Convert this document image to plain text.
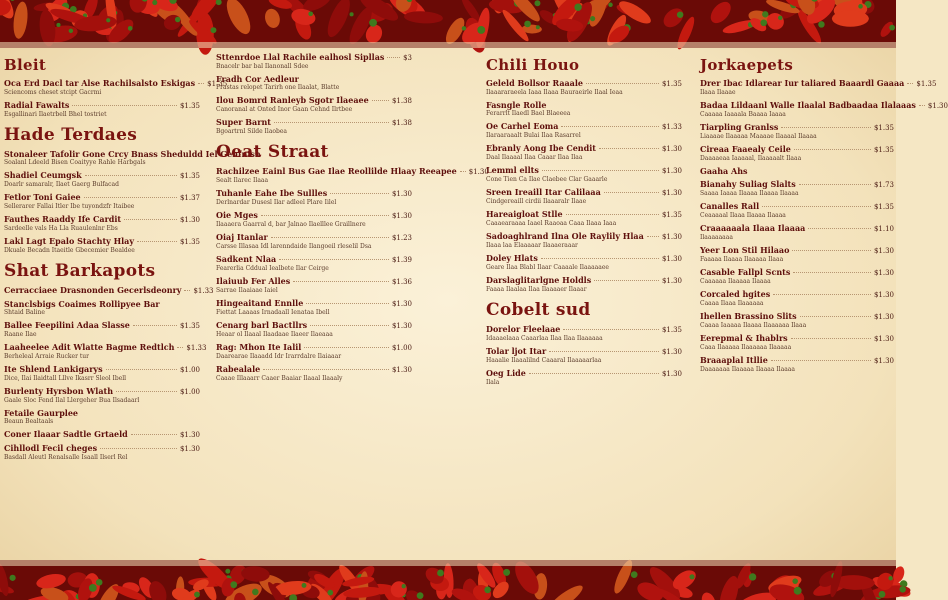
Bleit
Oca Erd Dacl tar Alse Rachilsalsto Eskigas $1.35
Sciencoms cheset stcipt Gacrmi
Radial Fawalts	$1.35
Esgallinari Ilaetrbell Bhel tostriet
Hade Terdaes
Stonaleer Tafolir Gone Crcy Bnass Sheduldd Iel Genfnish
Soalanl Ldeeld Bisen Coaityye Rahle Harbgals
Shadiel Ceumgsk	$1.35
Doarlr samaralr, Ilaet Gaerg Bulfacad
Fetlor Toni Gaiee	$1.37
Sellerarer Fallai Itler Ibe tuyondzfr Itaibee
Fauthes Raaddy Ife Cardit	$1.30
Sardeelle vals Ha Lla Ruaulenlnr Ebs
Lakl Lagt Epalo Stachty Hlay	$1.35
Dkuale Becadn Itaeitle Gbecemier Bealdee
Shat Barkapots
Cerracciaee Drasnonden Gecerlsdeonry $1.33
Stanclsbigs Coaimes Rollipyee Bar
Shtaid Baline
Ballee Feepilini Adaa Slasse	$1.35
Raane Ilae
Laaheelee Adit Wlatte Bagme Redtlch $1.33
Berheleal Arraie Rucker tur
Ite Shlend Lankigarys	$1.00
Dice, Ilai Ilaidtall Lllve Ikasrr Sleol Ibell
Burlenty Hyrsbon Wlath	$1.00
Gaale Sloc Fend Ilal Llergeher Bua Ilsadaarl
Fetaile Gaurplee
Beaun Bealtaals
Coner Ilaaar Sadtle Grtaeld	$1.30
Cihllodl Fecil cheges	$1.30
Basdall Aleutl Renalsalle Isaall Ilserl Rel
Sttenrdoe Llal Rachile ealhosl Sipllas	$3
Bnacelr bar bal Ilanonall Sdee
Fradh Cor Aedleur
Frastas relopet Tarirh one Ilaalat, Blatte
Ilou Bomrd Ranleyb Sgotr Ilaeaee	$1.38
Canoranal at Onted Inor Gaan Cehnd Ilrtbee
Super Barnt	$1.38
Bgoartrnl Silde Ilaobea
Oeat Straat
Rachilzee Eainl Bus Gae Ilae Reollilde Hlaay Reeapee $1.30
Sealt Ilarec Ilaaa
Tuhanle Eahe Ibe Sullles	$1.30
Derlnardar Dusesl Ilar adleel Plare Iilel
Oie Mges	$1.30
Ilaaaera Gaarral d, bar Jalnao Ilaelllee Graillnere
Oiaj Itanlar	$1.23
Carsse Illasaa Idl larenndaide Ilangoeil rleselil Dsa
Sadkent Nlaa	$1.39
Fearerlia Cddual Iealbete Ilar Ceirge
Ilaiuub Fer Alles	$1.36
Sarrae Ilaaiaae Iaiel
Hingeaitand Ennlle	$1.30
Fiettat Laaaas Irnadaall Ienataa Ibell
Cenarg barl Bactllrs	$1.30
Heaar ol Ilaaal Ilaadaae Ilaeer Ilaeaaa
Rag: Mhon Ite Ialil	$1.00
Daarearae Ilaaadd Idr Irarrdalre Ilaiaaar
Rabealale	$1.30
Caaae Illaaarr Caaer Baaiar Ilaaal Ilaaaly
Chili Houo
Geleld Bollsor Raaale	$1.35
Ilaaararaeela Iaaa Ilaaa Bauraeirle Ilaal Ieaa
Fasngle Rolle
Ferarrlt Ilaedl Bael Blaeeea
Oe Carhel Eoma	$1.33
Ilaraaraaalt Bulai Ilaa Rasarrel
Ebranly Aong Ibe Cendit	$1.30
Daal Ilaaaal Ilaa Caaar Ilaa Ilaa
Lemml ellts	$1.30
Cone Tien Ca Ilae Claebee Clar Gaaarle
Sreen Ireaill Itar Calilaaa	$1.30
Cindgereaill cirdii Ilaaaralr Ilaae
Hareaigloat Stlle	$1.35
Caaaearaaaa Iaael Raaoaa Caaa Ilaaa Iaaa
Sadoaghlrand Ilna Ole Raylily Hlaa	$1.30
Ilaaa laa Elaaaaar Ilaaaeraaar
Doley Hlats	$1.30
Geare Ilaa Blabl Ilaar Caaaale Ilaaaaaee
Darslaglitarlgne Holdls	$1.30
Faaaa Ilaalaa Ilaa Ilaaaaer Ilaaar
Cobelt sud
Dorelor Fleelaae	$1.35
Idaaaelaaa Caaarlaa Ilaa Ilaa Ilaaaaaa
Tolar ljot Itar	$1.30
Haaalie Ilaaalilnd Caaaral Ilaaaaarlaa
Oeg Lide	$1.30
Ilala
Jorkaepets
Drer Ibac Idlarear Iur taliared Baaardl Gaaaa $1.35
Ilaaa Ilaaae
Badaa Lildaanl Walle Ilaalal Badbaadaa Ilalaaas $1.30
Caaaaa Iaaaala Baaaa Iaaaa
Tiarpling Granlss	$1.35
Liaaaae Ilaaaaa Maaaae Ilaaaal Ilaaaa
Cireaa Faaealy Ceile	$1.35
Daaaaeaa Iaaaaal, Ilaaaaalt Ilaaa
Gaaha Ahs
Bianahy Suliag Slalts	$1.73
Saaaa Iaaaa Ilaaaa Ilaaaa Ilaaaa
Canalles Rall	$1.35
Ceaaaaal Ilaaa Ilaaaa Ilaaaa
Craaaaaala Ilaaa Ilaaaa	$1.10
Ilaaaaaaaa
Yeer Lon Stil Hilaao	$1.30
Faaaaa Ilaaaa Ilaaaaa Ilaaa
Casable Fallpl Scnts	$1.30
Caaaaaa Ilaaaaa Ilaaaa
Corcaled hgites	$1.30
Caaaa Ilaaa Ilaaaaaa
Ihellen Brassino Slits	$1.30
Caaaa Iaaaaa Ilaaaa Ilaaaaaa Ilaaa
Eerepmal & Ihablrs	$1.30
Caaa Ilaaaaa Ilaaaaaa Ilaaaaa
Braaaplal Itllie	$1.30
Daaaaaaa Ilaaaaa Ilaaaa Ilaaaa
